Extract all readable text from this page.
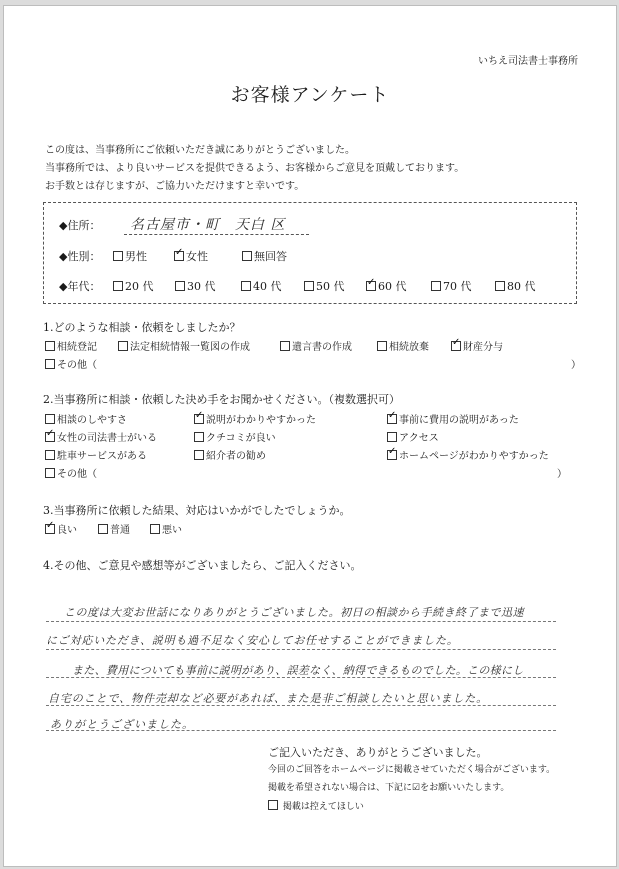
いちえ司法書士事務所
お客様アンケート
この度は、当事務所にご依頼いただき誠にありがとうございました。
当事務所では、より良いサービスを提供できるよう、お客様からご意見を頂戴しております。
お手数とは存じますが、ご協力いただけますと幸いです。
◆住所： 名古屋市・町　天白 区
◆性別：	男性 ✓	女性	無回答
◆年代：	20 代	30 代	40 代	50 代 ✓	60 代	70 代	80 代
1.どのような相談・依頼をしましたか？
相続登記	法定相続情報一覧図の作成	遺言書の作成	相続放棄 ✓	財産分与
その他（	）
2.当事務所に相談・依頼した決め手をお聞かせください。（複数選択可）
相談のしやすさ ✓	説明がわかりやすかった ✓	事前に費用の説明があった
✓女性の司法書士がいる	クチコミが良い	アクセス
駐車サービスがある	紹介者の勧め ✓	ホームページがわかりやすかった
その他（	）
3.当事務所に依頼した結果、対応はいかがでしたでしょうか。
✓良い	普通	悪い
4.その他、ご意見や感想等がございましたら、ご記入ください。
この度は大変お世話になりありがとうございました。初日の相談から手続き終了まで迅速
にご対応いただき、説明も過不足なく安心してお任せすることができました。
また、費用についても事前に説明があり、誤差なく、納得できるものでした。この様にし
自宅のことで、物件売却など必要があれば、また是非ご相談したいと思いました。
ありがとうございました。
ご記入いただき、ありがとうございました。
今回のご回答をホームページに掲載させていただく場合がございます。
掲載を希望されない場合は、下記に☑をお願いいたします。
掲載は控えてほしい
